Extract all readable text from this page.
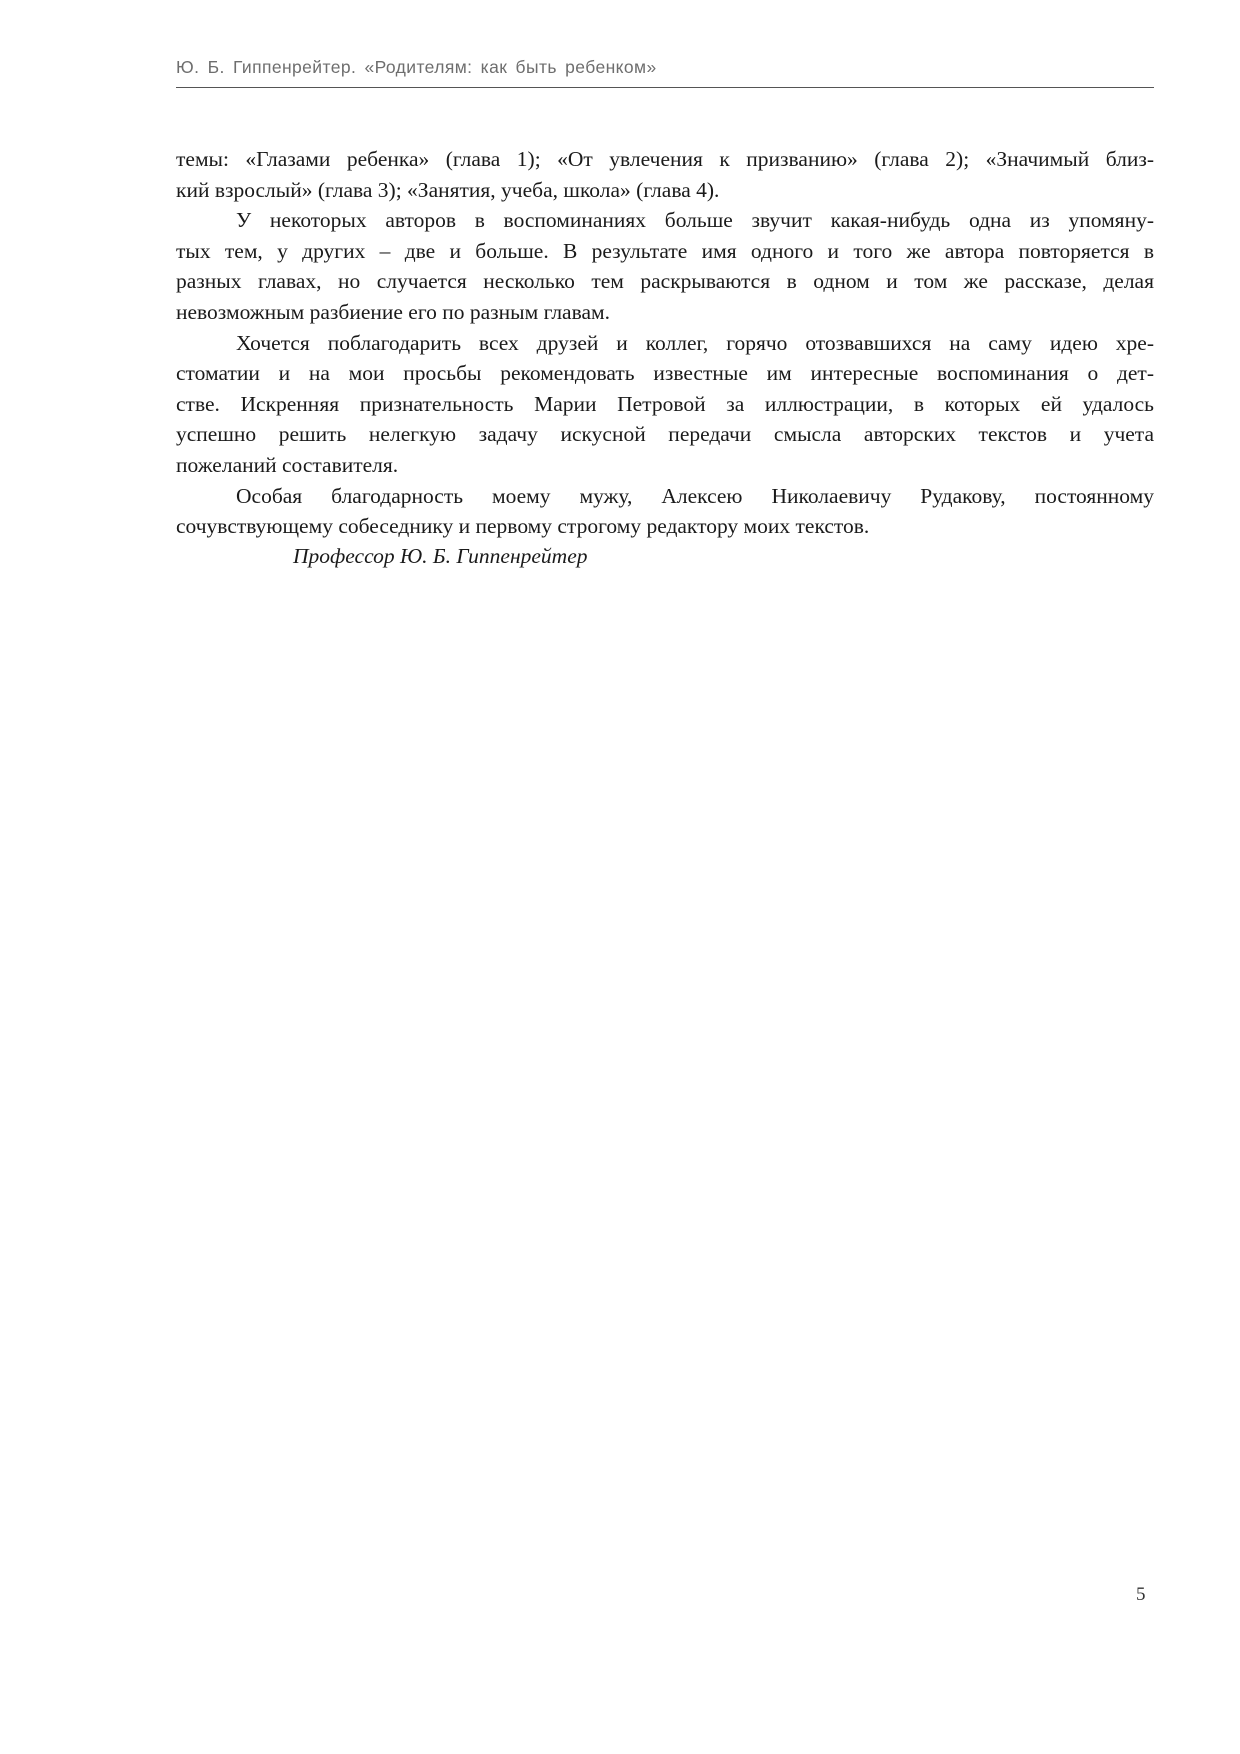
Ю. Б. Гиппенрейтер. «Родителям: как быть ребенком»

темы: «Глазами ребенка» (глава 1); «От увлечения к призванию» (глава 2); «Значимый близ-
кий взрослый» (глава 3); «Занятия, учеба, школа» (глава 4).

У некоторых авторов в воспоминаниях больше звучит какая-нибудь одна из упомяну-
тых тем, у других – две и больше. В результате имя одного и того же автора повторяется в
разных главах, но случается несколько тем раскрываются в одном и том же рассказе, делая
невозможным разбиение его по разным главам.

Хочется поблагодарить всех друзей и коллег, горячо отозвавшихся на саму идею хре-
стоматии и на мои просьбы рекомендовать известные им интересные воспоминания о дет-
стве. Искренняя признательность Марии Петровой за иллюстрации, в которых ей удалось
успешно решить нелегкую задачу искусной передачи смысла авторских текстов и учета
пожеланий составителя.

Особая благодарность моему мужу, Алексею Николаевичу Рудакову, постоянному
сочувствующему собеседнику и первому строгому редактору моих текстов.

Профессор Ю. Б. Гиппенрейтер
5
